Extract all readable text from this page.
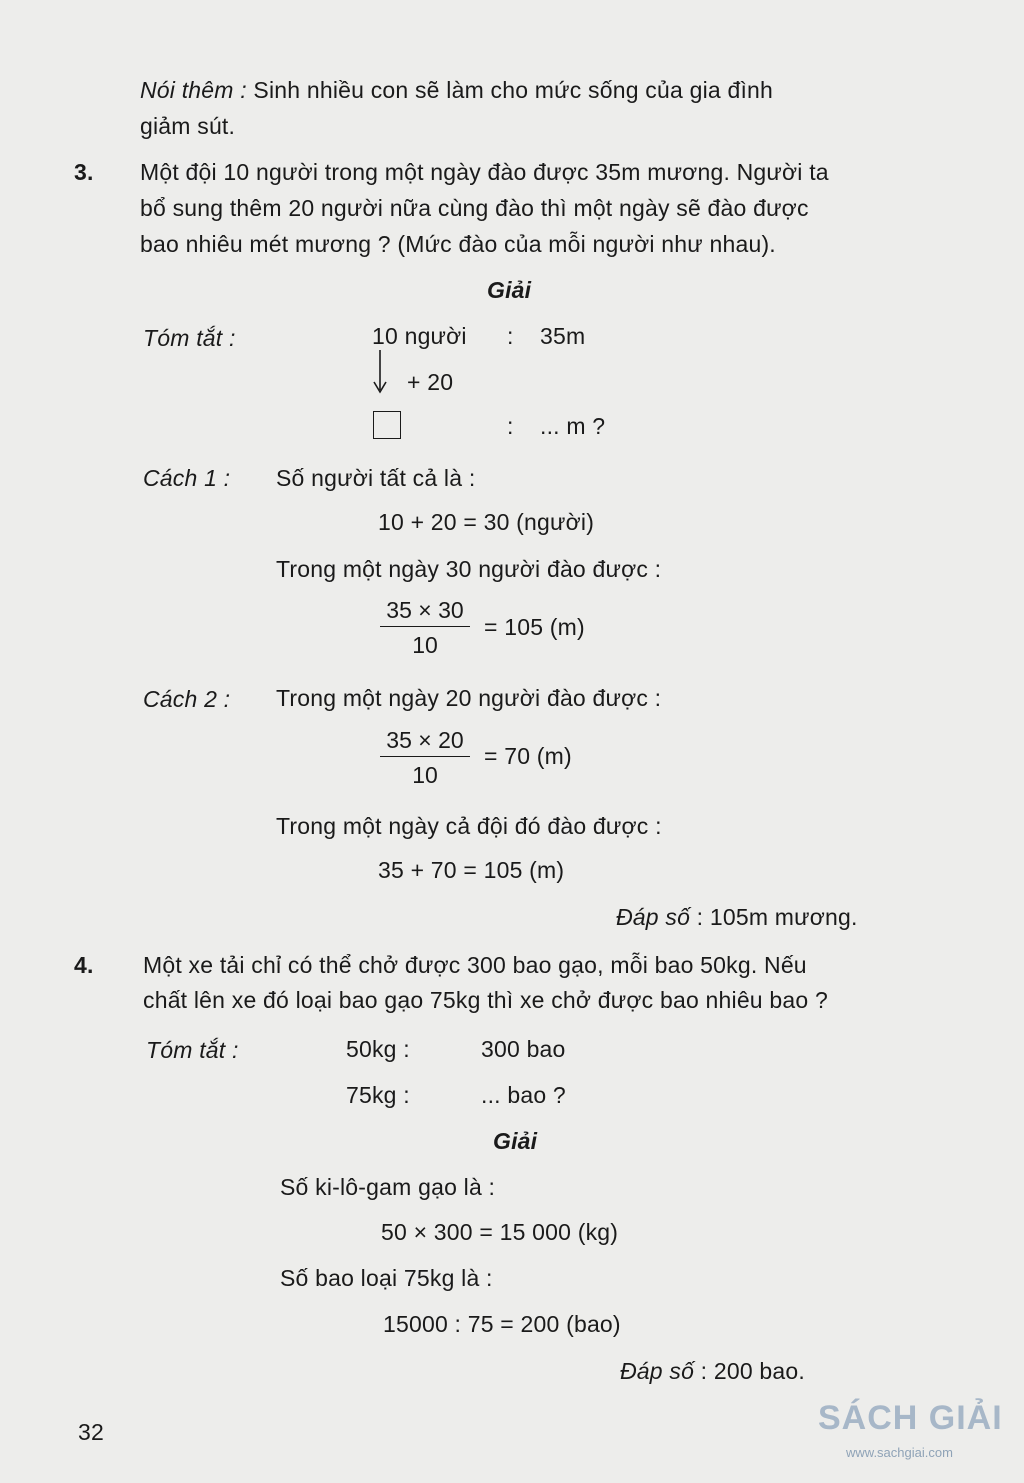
Nói thêm : Sinh nhiều con sẽ làm cho mức sống của gia đình
giảm sút.
3. Một đội 10 người trong một ngày đào được 35m mương. Người ta
bổ sung thêm 20 người nữa cùng đào thì một ngày sẽ đào được
bao nhiêu mét mương ? (Mức đào của mỗi người như nhau).
Giải
Tóm tắt :	10 người : 35m
+ 20
: ... m ?
Cách 1 : Số người tất cả là :
10 + 20 = 30 (người)
Trong một ngày 30 người đào được :
35 × 30
10
= 105 (m)
Cách 2 : Trong một ngày 20 người đào được :
35 × 20
10
= 70 (m)
Trong một ngày cả đội đó đào được :
35 + 70 = 105 (m)
Đáp số : 105m mương.
4. Một xe tải chỉ có thể chở được 300 bao gạo, mỗi bao 50kg. Nếu
chất lên xe đó loại bao gạo 75kg thì xe chở được bao nhiêu bao ?
Tóm tắt :	50kg :	300 bao
75kg :	... bao ?
Giải
Số ki-lô-gam gạo là :
50 × 300 = 15 000 (kg)
Số bao loại 75kg là :
15000 : 75 = 200 (bao)
Đáp số : 200 bao.
32	SÁCH GIẢI
www.sachgiai.com
